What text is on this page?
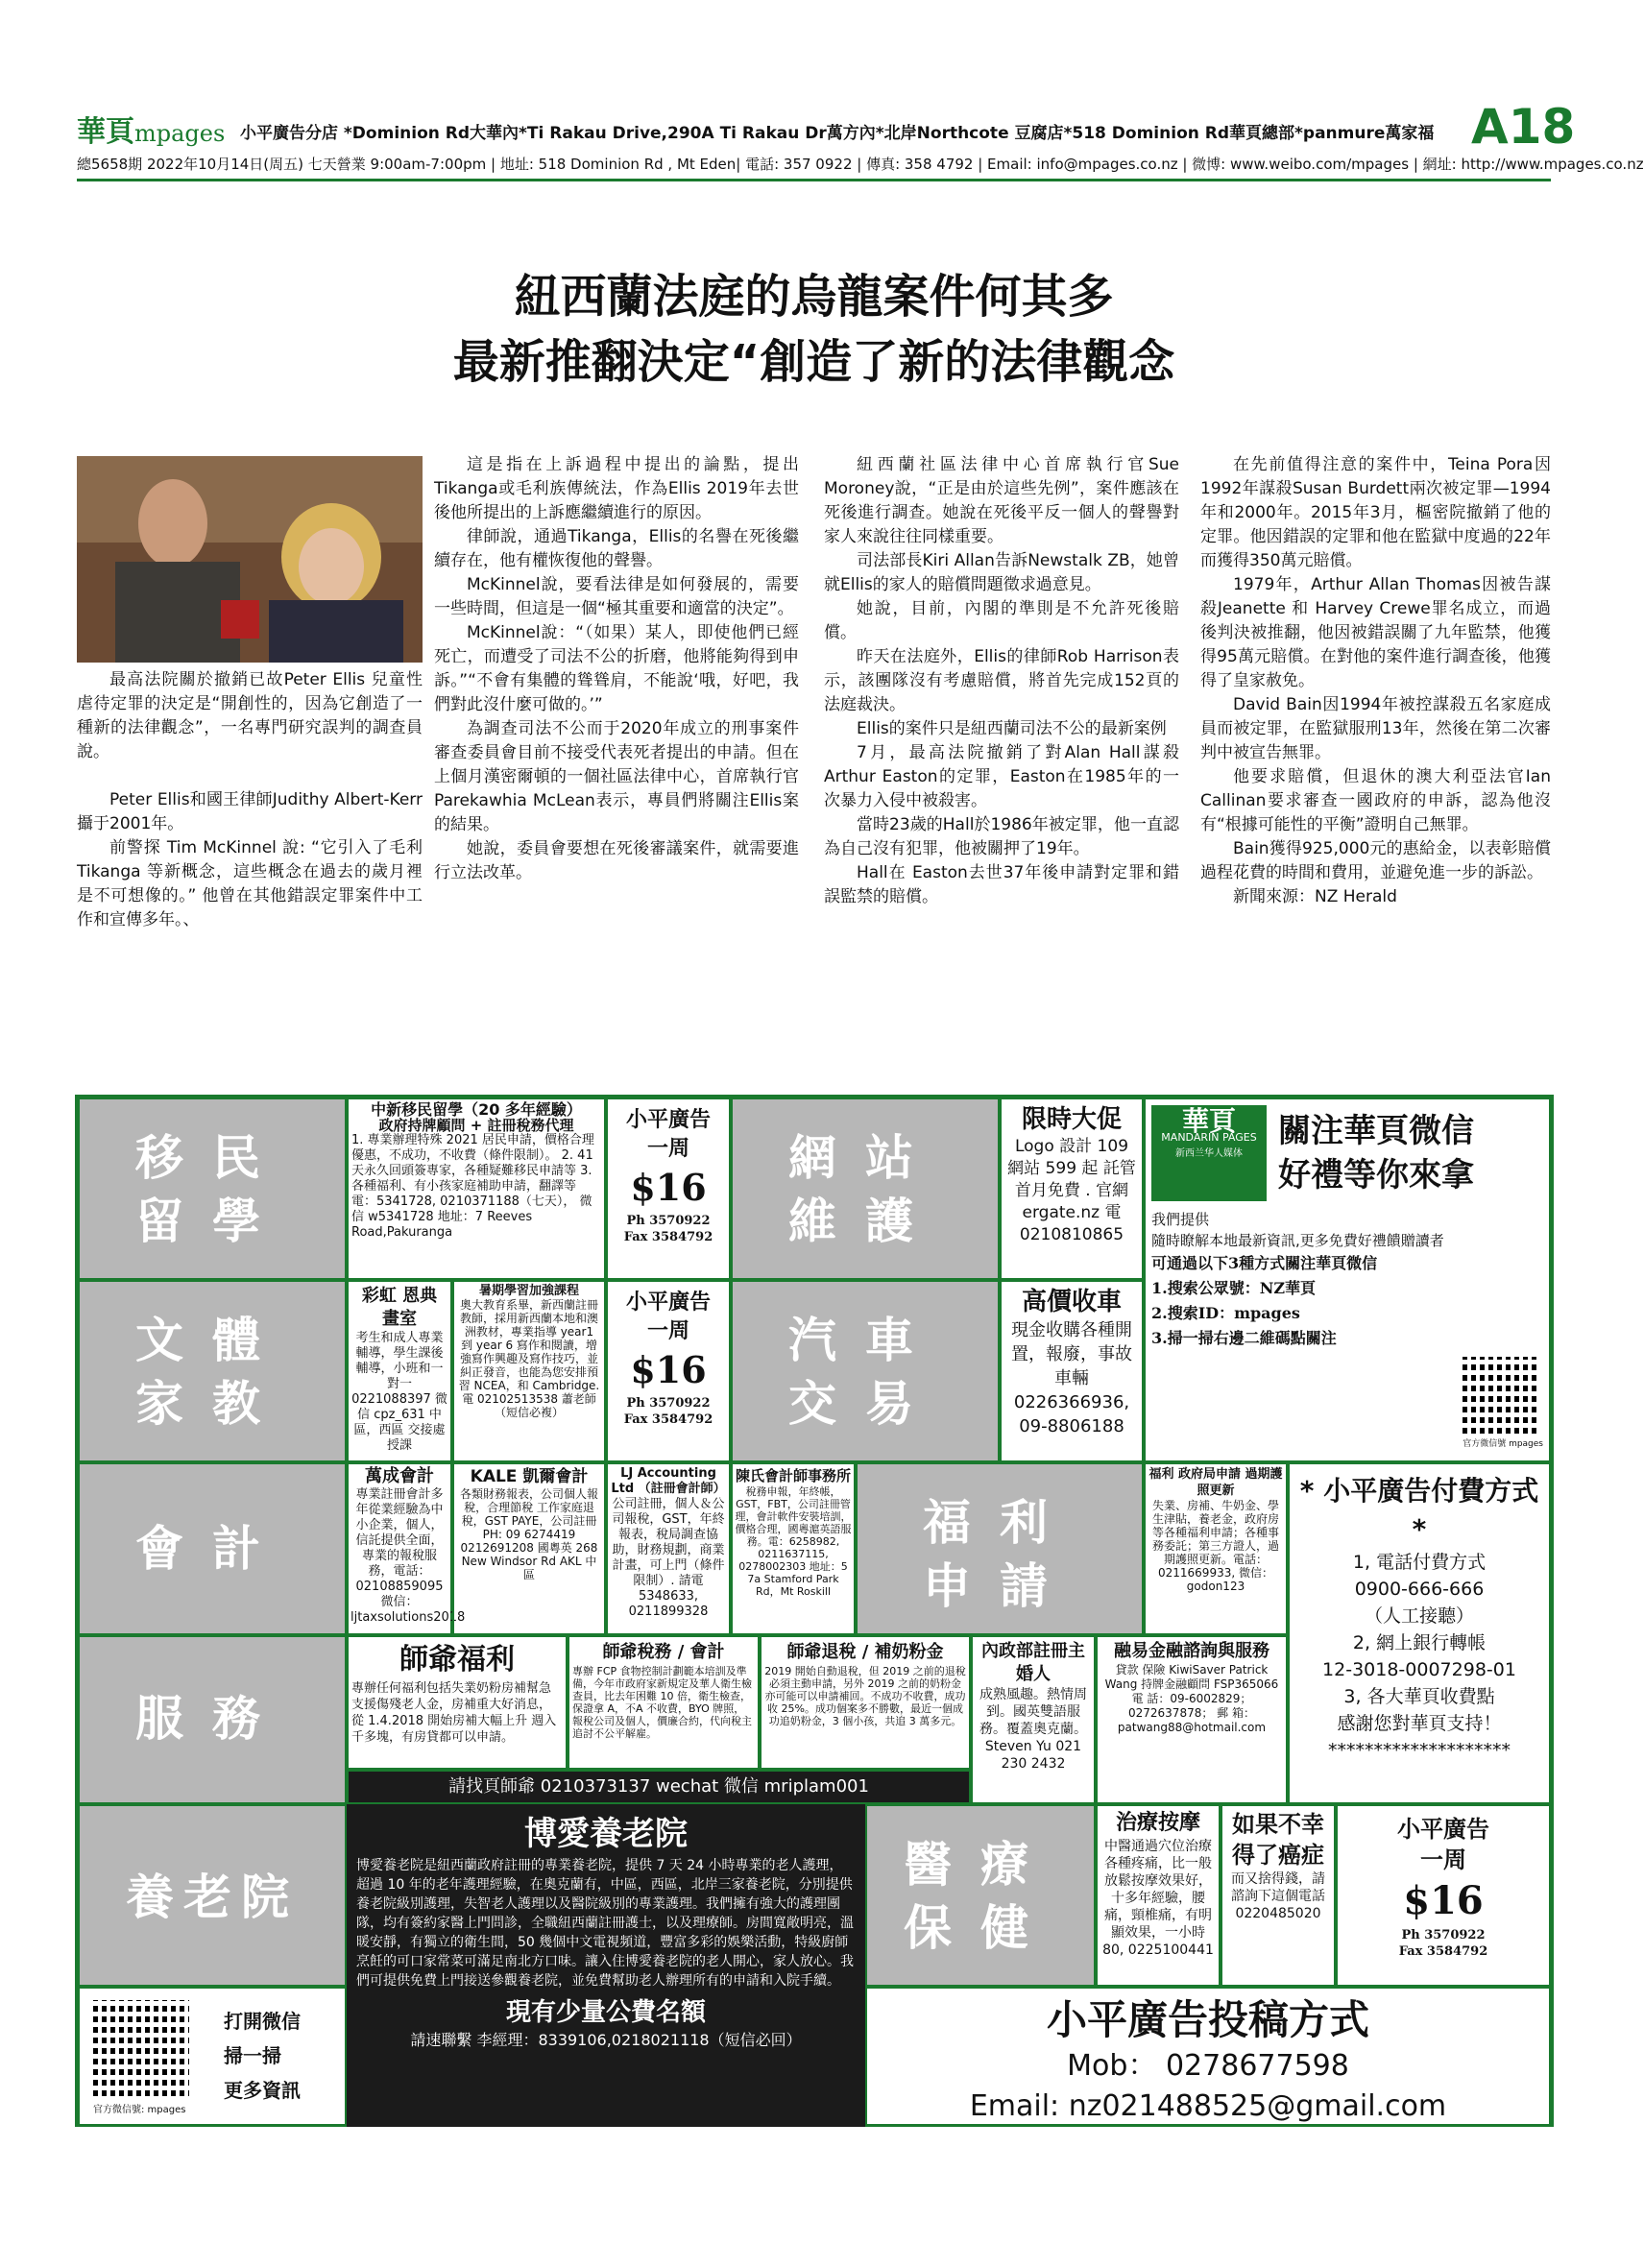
華頁mpages 小平廣告分店 *Dominion Rd大華內*Ti Rakau Drive,290A Ti Rakau Dr萬方內*北岸Northcote 豆腐店*518 Dominion Rd華頁總部*panmure萬家福 A18
總5658期 2022年10月14日(周五) 七天營業 9:00am-7:00pm | 地址: 518 Dominion Rd , Mt Eden| 電話: 357 0922 | 傳真: 358 4792 | Email: info@mpages.co.nz | 微博: www.weibo.com/mpages | 網址: http://www.mpages.co.nz
紐西蘭法庭的烏龍案件何其多
最新推翻決定“創造了新的法律觀念

最高法院關於撤銷已故Peter Ellis 兒童性虐待定罪的決定是“開創性的，因為它創造了一種新的法律觀念”，一名專門研究誤判的調查員說。

Peter Ellis和國王律師Judithy Albert-Kerr攝于2001年。

前警探 Tim McKinnel 說: “它引入了毛利 Tikanga 等新概念，這些概念在過去的歲月裡是不可想像的。” 他曾在其他錯誤定罪案件中工作和宣傳多年。、

這是指在上訴過程中提出的論點，提出Tikanga或毛利族傳統法，作為Ellis 2019年去世後他所提出的上訴應繼續進行的原因。

律師說，通過Tikanga，Ellis的名譽在死後繼續存在，他有權恢復他的聲譽。

McKinnel說，要看法律是如何發展的，需要一些時間，但這是一個“極其重要和適當的決定”。

McKinnel說：“（如果）某人，即使他們已經死亡，而遭受了司法不公的折磨，他將能夠得到申訴。”“不會有集體的聳聳肩，不能說‘哦，好吧，我們對此沒什麼可做的。’”

為調查司法不公而于2020年成立的刑事案件審查委員會目前不接受代表死者提出的申請。但在上個月漢密爾頓的一個社區法律中心，首席執行官Parekawhia McLean表示，專員們將關注Ellis案的結果。

她說，委員會要想在死後審議案件，就需要進行立法改革。

紐西蘭社區法律中心首席執行官Sue Moroney說，“正是由於這些先例”，案件應該在死後進行調查。她說在死後平反一個人的聲譽對家人來說往往同樣重要。

司法部長Kiri Allan告訴Newstalk ZB，她曾就Ellis的家人的賠償問題徵求過意見。

她說，目前，內閣的準則是不允許死後賠償。

昨天在法庭外，Ellis的律師Rob Harrison表示，該團隊沒有考慮賠償，將首先完成152頁的法庭裁決。

Ellis的案件只是紐西蘭司法不公的最新案例

7月，最高法院撤銷了對Alan Hall謀殺Arthur Easton的定罪，Easton在1985年的一次暴力入侵中被殺害。

當時23歲的Hall於1986年被定罪，他一直認為自己沒有犯罪，他被關押了19年。

Hall在 Easton去世37年後申請對定罪和錯誤監禁的賠償。

在先前值得注意的案件中，Teina Pora因1992年謀殺Susan Burdett兩次被定罪—1994年和2000年。2015年3月，樞密院撤銷了他的定罪。他因錯誤的定罪和他在監獄中度過的22年而獲得350萬元賠償。

1979年，Arthur Allan Thomas因被告謀殺Jeanette 和 Harvey Crewe罪名成立，而過後判決被推翻，他因被錯誤關了九年監禁，他獲得95萬元賠償。在對他的案件進行調查後，他獲得了皇家赦免。

David Bain因1994年被控謀殺五名家庭成員而被定罪，在監獄服刑13年，然後在第二次審判中被宣告無罪。

他要求賠償，但退休的澳大利亞法官Ian Callinan要求審查一國政府的申訴，認為他沒有“根據可能性的平衡”證明自己無罪。

Bain獲得925,000元的惠給金，以表彰賠償過程花費的時間和費用，並避免進一步的訴訟。

新聞來源：NZ Herald

移民留學
中新移民留學（20 多年經驗）
政府持牌顧問 + 註冊稅務代理
1. 專業辦理特殊 2021 居民申請，價格合理優惠，不成功，不收費（條件限制）。 2. 41 天永久回頭簽專家，各種疑難移民申請等 3. 各種福利、有小孩家庭補助申請，翻譯等 電：5341728, 0210371188（七天）， 微信 w5341728 地址：7 Reeves Road,Pakuranga
小平廣告
一周
$16
Ph 3570922
Fax 3584792
網站維護
限時大促
Logo 設計 109 網站 599 起 託管首月免費 . 官網 ergate.nz 電 0210810865
華頁
MANDARIN PAGES
新西兰华人媒体
關注華頁微信
好禮等你來拿
我們提供
隨時瞭解本地最新資訊,更多免費好禮饋贈讀者
可通過以下3種方式關注華頁微信
1.搜索公眾號：NZ華頁
2.搜索ID：mpages
3.掃一掃右邊二維碼點關注
官方微信號 mpages
文體家教
彩虹 恩典 畫室
考生和成人專業輔導，學生課後輔導，小班和一對一 0221088397 微信 cpz_631 中區，西區 交接處授課
暑期學習加強課程
奧大教育系畢，新西蘭註冊教師，採用新西蘭本地和澳洲教材，專業指導 year1 到 year 6 寫作和閱讀，增強寫作興趣及寫作技巧，並糾正發音，也能為您安排預習 NCEA，和 Cambridge. 電 0210251353​8 蕭老師（短信必複）
小平廣告
一周
$16
Ph 3570922
Fax 3584792
汽車交易
高價收車
現金收購各種開置，報廢，事故車輛 0226366936, 09-8806188
會計
萬成會計
專業註冊會計多年從業經驗為中小企業，個人，信託提供全面，專業的報稅服務，電話：02108859095 微信：ljtaxsolutions2018
KALE 凱爾會計
各類財務報表，公司個人報稅，合理節稅 工作家庭退稅，GST PAYE，公司註冊 PH: 09 6274419 0212691208 國粵英 268 New Windsor Rd AKL 中區
LJ Accounting Ltd （註冊會計師）
公司註冊，個人＆公司報稅，GST，年終報表，稅局調查協助，財務規劃，商業計畫，可上門（條件限制）. 請電 5348633, 0211899328
陳氏會計師事務所
稅務申報，年終帳，GST，FBT，公司註冊管理，會計軟件安裝培訓，價格合理，國粵滬英語服務。電：6258982, 021163711​5, 0278002303 地址：5 7a Stamford Park Rd，Mt Roskill
福利申請
福利 政府局申請 過期護照更新
失業、房補、牛奶金、學生津貼，養老金，政府房等各種福利申請；各種事務委託；第三方證人，過期護照更新。電話：0211669933, 微信：godon123
* 小平廣告付費方式 *
1, 電話付費方式
0900-666-666
（人工接聽）
2, 網上銀行轉帳
12-3018-0007298-01
3, 各大華頁收費點
感謝您對華頁支持！
********************
服務
師爺福利
專辦任何福利包括失業奶粉房補幫急支援傷殘老人金，房補重大好消息，從 1.4.2018 開始房補大幅上升 週入千多塊，有房貸都可以申請。
師爺稅務 / 會計
專辦 FCP 食物控制計劃範本培訓及準備，今年市政府家新規定及華人衛生檢查員，比去年困難 10 倍，衛生檢查，保證拿 A，不A 不收費，BYO 牌照，報稅公司及個人，價廉合約，代向稅主追討不公平解雇。
師爺退稅 / 補奶粉金
2019 開始自動退稅，但 2019 之前的退稅必須主動申請，另外 2019 之前的奶粉金亦可能可以申請補回。不成功不收費，成功收 25%。成功個案多不勝數，最近一個成功追奶粉金，3 個小孩，共追 3 萬多元。
請找頁師爺 0210373137 wechat 微信 mriplam001
內政部註冊主婚人
成熟風趣。熱情周到。國英雙語服務。覆蓋奧克蘭。Steven Yu 021 230 2432
融易金融諮詢與服務
貸款 保險 KiwiSaver Patrick Wang 持牌金融顧問 FSP365066 電 話：09-6002829；0272637878； 郵 箱：patwang88@hotmail.com
養老院
博愛養老院
博愛養老院是紐西蘭政府註冊的專業養老院，提供 7 天 24 小時專業的老人護理，超過 10 年的老年護理經驗，在奧克蘭有，中區，西區，北岸三家養老院，分別提供養老院級別護理，失智老人護理以及醫院級別的專業護理。我們擁有強大的護理團隊，均有簽約家醫上門問診，全職紐西蘭註冊護士，以及理療師。房間寬敞明亮，溫暖安靜，有獨立的衛生間，50 幾個中文電視頻道，豐富多彩的娛樂活動，特級廚師烹飪的可口家常菜可滿足南北方口味。讓入住博愛養老院的老人開心，家人放心。我們可提供免費上門接送參觀養老院，並免費幫助老人辦理所有的申請和入院手續。
現有少量公費名額
請速聯繫 李經理：8339106,0218021118（短信必回）
醫療保健
治療按摩
中醫通過穴位治療各種疼痛，比一般放鬆按摩效果好，十多年經驗，腰痛，頸椎痛，有明顯效果，一小時 80, 0225100441
如果不幸得了癌症
而又捨得錢，請諮詢下這個電話 0220485020
小平廣告
一周
$16
Ph 3570922
Fax 3584792
官方微信號: mpages
打開微信
掃一掃
更多資訊
小平廣告投稿方式
Mob： 0278677598
Email: nz021488525@gmail.com
